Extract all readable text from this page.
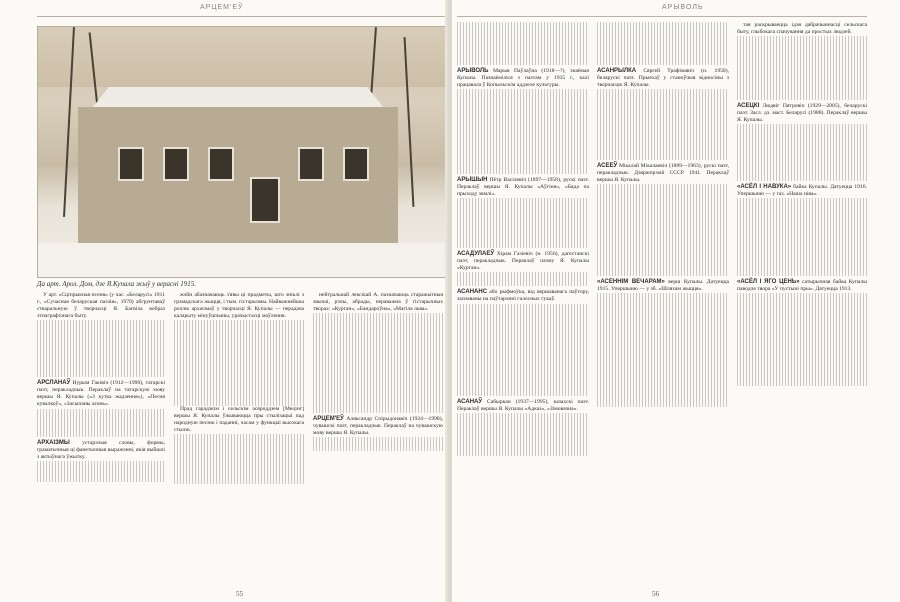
АРЦЕМ'ЕЎ
Да арт. Арол. Дом, дзе Я.Купала жыў у верасні 1915.

У арт. «Сціпрыкная псеня» (у час. «Беларусі» 1911 г., «Сучасная беларуская паэзія», 1970) абгрунтаваў стваральную ў творчасці Я. Багвіла вобраз этнаграфічнага быту.

АРСЛАНАЎ Нурым Гаківіч (1912—1990), татарскі паэт, перакладчык. Пераклаў на татарскую мову вершы Я. Купалы («З кутка жадзення»), «Песня кувалкоў», «Засыпаны агонь».

АРХАІЗМЫ устарэлыя словы, формы, граматычныя ці фанетычныя выражэнні, якія выйшлі з актыўнага ўжытку.

жэйн абазначаюць з'явы ці прадметы, што зніклі з грамадскага жыцця, і тым. гістарызмы. Найважнейшы роллю архаізмаў у творчасці Я. Купалы — перадача каларыту мінуўшчыны, урачыстасці маўлення.

Прад гарадзкім і сельскім асяроддзем [Мецінг] вершы Я. Купалы ўжываюцца пры стылізацыі пад народную песню і паданні, часам у функцыі высокага стылю.

нейтральнай лексікай А. пазначаюць старажытныя звычаі, рэчы, абрады, пераважна ў гістарычных творах: «Курган», «Бандароўна», «Магіла льва».

АРЦЕМ'ЕЎ Аляксандр Спірыдонавіч (1924—1998), чувашскі паэт, перакладчык. Пераклаў на чувашскую мову вершы Я. Купалы.

55
АРЫВОЛЬ

АРЫВОЛЬ Марыя Паўлаўна (1918—?), знаёмая Купалы. Пазнаёміліся з паэтам у 1935 г., калі працавала ў Копыльскім аддзеле культуры.

АРЫШЫН Пётр Васілевіч (1897—1958), рускі паэт. Пераклаў вершы Я. Купалы «Аўгіня», «Бяда па прыходу зямлі».

АСАДУЛАЕЎ Хірам Газіевіч (н. 1956), дагестанскі паэт, перакладчык. Пераклаў паэму Я. Купалы «Курган».

АСАНАНС або рыфмоўка, від вершаванага паўтору, заснаваны на паўтарэнні галосных гукаў.

АСАНАЎ Сабыркан (1937—1995), казахскі паэт. Пераклаў вершы Я. Купалы «Адказ», «Зімовачна».

АСАНРЫЛКА Сяргей Трафімавіч (н. 1958), беларускі паэт. Прыехаў у станоўчыя відносіны з творчасцю Я. Купалы.

АСЕЕЎ Мікалай Мікалаевіч (1889—1963), рускі паэт, перакладчык. Дзяржпрэміі СССР 1941. Пераклаў вершы Я. Купалы.

«АСЕННІМ ВЕЧАРАМ» верш Купалы. Датуецца 1915. Упершыню — у зб. «Шляхам жыцця».

тая раскрываецца ідэя дабрачыннасці сельскага быту, глыбокага спачування да простых людзей.

АСЕЦКІ Людвіг Пятровіч (1929—2005), беларускі паэт. Засл. дз. маст. Беларусі (1988). Пераклаў вершы Я. Купалы.

«АСЁЛ І НАВУКА» байка Купалы. Датуецца 1916. Упершыню — у газ. «Наша ніва».

«АСЁЛ І ЯГО ЦЕНЬ» сатырычная байка Купалы паводле твора «У пустыні пры». Датуецца 1913.

56
